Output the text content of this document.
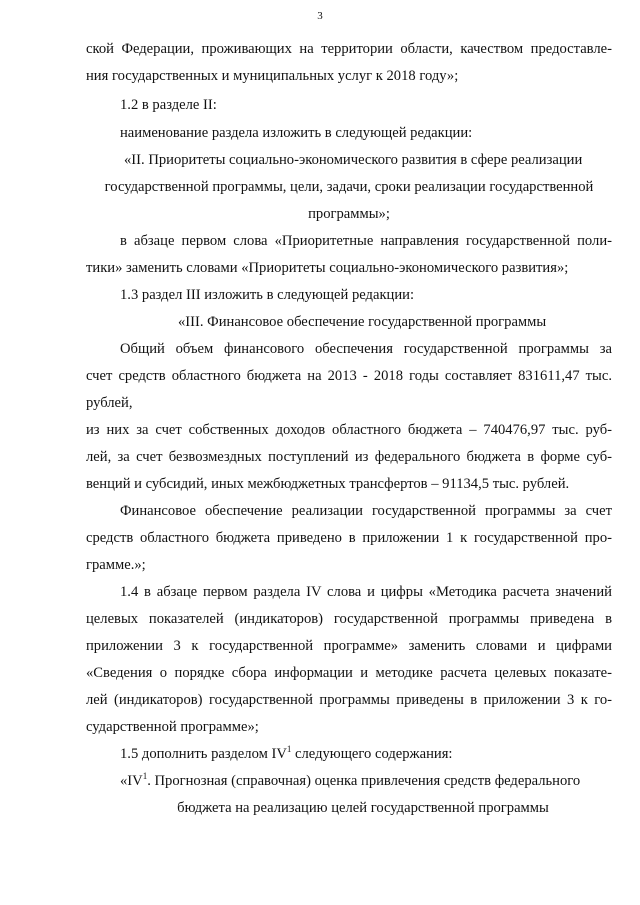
3
ской Федерации, проживающих на территории области, качеством предоставле-
ния государственных и муниципальных услуг к 2018 году»;
1.2 в разделе II:
наименование раздела изложить в следующей редакции:
«II. Приоритеты социально-экономического развития в сфере реализации
государственной программы, цели, задачи, сроки реализации государственной
программы»;
в абзаце первом слова «Приоритетные направления государственной поли-
тики» заменить словами «Приоритеты социально-экономического развития»;
1.3 раздел III изложить в следующей редакции:
«III. Финансовое обеспечение государственной программы
Общий объем финансового обеспечения государственной программы за
счет средств областного бюджета на 2013 - 2018 годы составляет 831611,47 тыс.
рублей,
из них за счет собственных доходов областного бюджета – 740476,97 тыс. руб-
лей, за счет безвозмездных поступлений из федерального бюджета в форме суб-
венций и субсидий, иных межбюджетных трансфертов – 91134,5 тыс. рублей.
Финансовое обеспечение реализации государственной программы за счет
средств областного бюджета приведено в приложении 1 к государственной про-
грамме.»;
1.4 в абзаце первом раздела IV слова и цифры «Методика расчета значений
целевых показателей (индикаторов) государственной программы приведена в
приложении 3 к государственной программе» заменить словами и цифрами
«Сведения о порядке сбора информации и методике расчета целевых показате-
лей (индикаторов) государственной программы приведены в приложении 3 к го-
сударственной программе»;
1.5 дополнить разделом $IV^1$ следующего содержания:
«$IV^1$. Прогнозная (справочная) оценка привлечения средств федерального
бюджета на реализацию целей государственной программы
